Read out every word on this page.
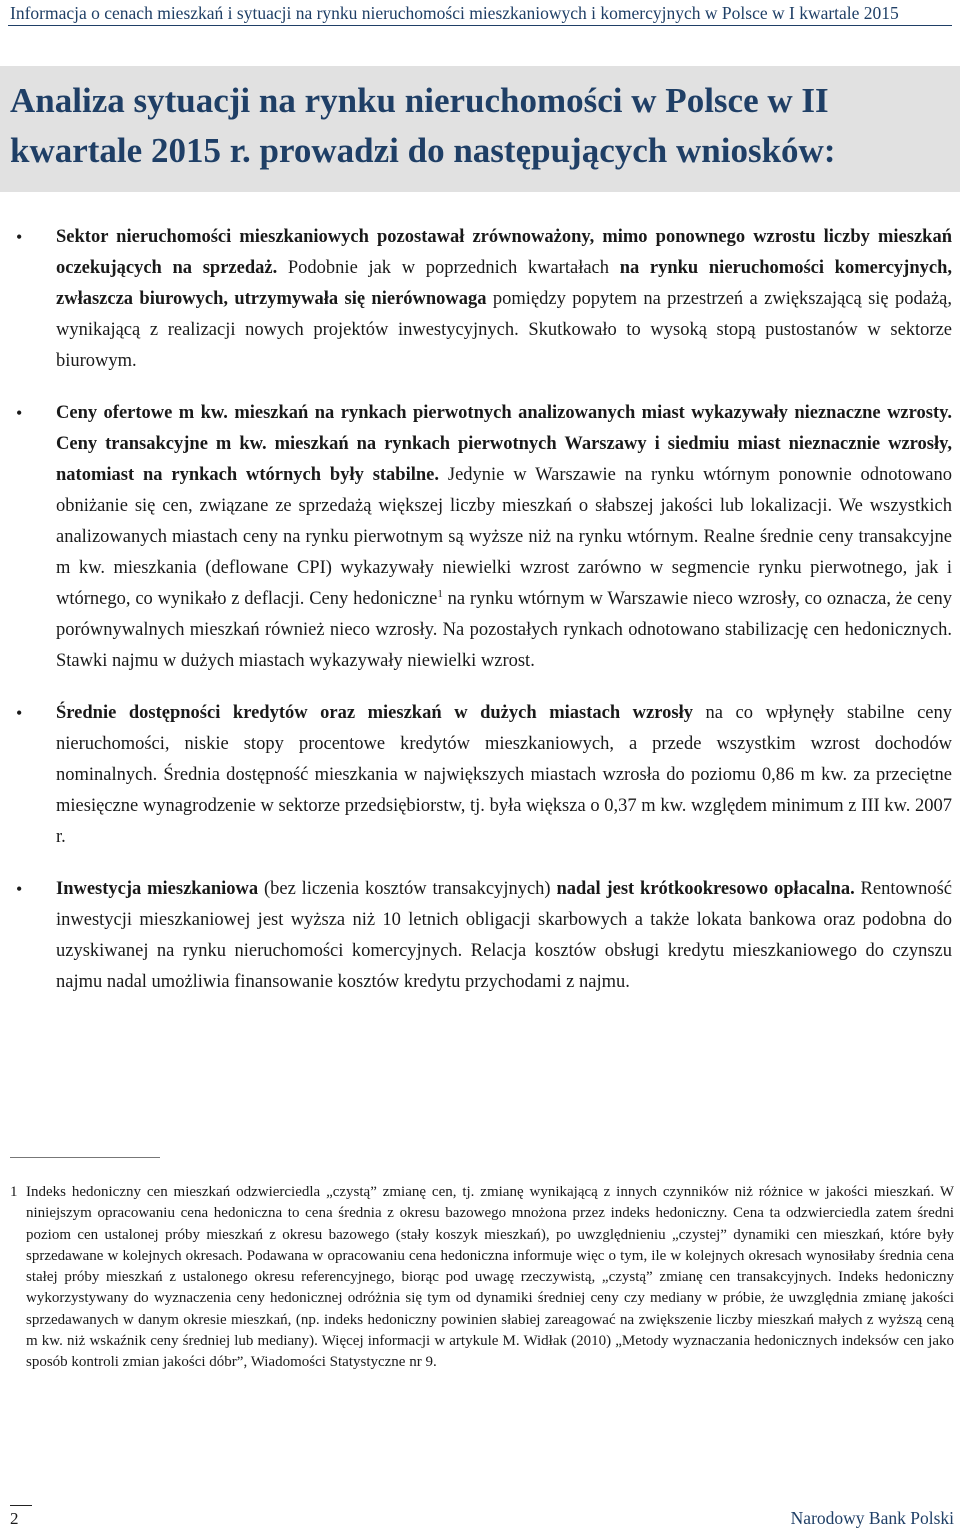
Informacja o cenach mieszkań i sytuacji na rynku nieruchomości mieszkaniowych i komercyjnych w Polsce w I kwartale 2015
Analiza sytuacji na rynku nieruchomości w Polsce w II kwartale 2015 r. prowadzi do następujących wniosków:
• Sektor nieruchomości mieszkaniowych pozostawał zrównoważony, mimo ponownego wzrostu liczby mieszkań oczekujących na sprzedaż. Podobnie jak w poprzednich kwartałach na rynku nieruchomości komercyjnych, zwłaszcza biurowych, utrzymywała się nierównowaga pomiędzy popytem na przestrzeń a zwiększającą się podażą, wynikającą z realizacji nowych projektów inwestycyjnych. Skutkowało to wysoką stopą pustostanów w sektorze biurowym.
• Ceny ofertowe m kw. mieszkań na rynkach pierwotnych analizowanych miast wykazywały nieznaczne wzrosty. Ceny transakcyjne m kw. mieszkań na rynkach pierwotnych Warszawy i siedmiu miast nieznacznie wzrosły, natomiast na rynkach wtórnych były stabilne. Jedynie w Warszawie na rynku wtórnym ponownie odnotowano obniżanie się cen, związane ze sprzedażą większej liczby mieszkań o słabszej jakości lub lokalizacji. We wszystkich analizowanych miastach ceny na rynku pierwotnym są wyższe niż na rynku wtórnym. Realne średnie ceny transakcyjne m kw. mieszkania (deflowane CPI) wykazywały niewielki wzrost zarówno w segmencie rynku pierwotnego, jak i wtórnego, co wynikało z deflacji. Ceny hedoniczne$^1$ na rynku wtórnym w Warszawie nieco wzrosły, co oznacza, że ceny porównywalnych mieszkań również nieco wzrosły. Na pozostałych rynkach odnotowano stabilizację cen hedonicznych. Stawki najmu w dużych miastach wykazywały niewielki wzrost.
• Średnie dostępności kredytów oraz mieszkań w dużych miastach wzrosły na co wpłynęły stabilne ceny nieruchomości, niskie stopy procentowe kredytów mieszkaniowych, a przede wszystkim wzrost dochodów nominalnych. Średnia dostępność mieszkania w największych miastach wzrosła do poziomu 0,86 m kw. za przeciętne miesięczne wynagrodzenie w sektorze przedsiębiorstw, tj. była większa o 0,37 m kw. względem minimum z III kw. 2007 r.
• Inwestycja mieszkaniowa (bez liczenia kosztów transakcyjnych) nadal jest krótkookresowo opłacalna. Rentowność inwestycji mieszkaniowej jest wyższa niż 10 letnich obligacji skarbowych a także lokata bankowa oraz podobna do uzyskiwanej na rynku nieruchomości komercyjnych. Relacja kosztów obsługi kredytu mieszkaniowego do czynszu najmu nadal umożliwia finansowanie kosztów kredytu przychodami z najmu.
1 Indeks hedoniczny cen mieszkań odzwierciedla „czystą” zmianę cen, tj. zmianę wynikającą z innych czynników niż różnice w jakości mieszkań. W niniejszym opracowaniu cena hedoniczna to cena średnia z okresu bazowego mnożona przez indeks hedoniczny. Cena ta odzwierciedla zatem średni poziom cen ustalonej próby mieszkań z okresu bazowego (stały koszyk mieszkań), po uwzględnieniu „czystej” dynamiki cen mieszkań, które były sprzedawane w kolejnych okresach. Podawana w opracowaniu cena hedoniczna informuje więc o tym, ile w kolejnych okresach wynosiłaby średnia cena stałej próby mieszkań z ustalonego okresu referencyjnego, biorąc pod uwagę rzeczywistą, „czystą” zmianę cen transakcyjnych. Indeks hedoniczny wykorzystywany do wyznaczenia ceny hedonicznej odróżnia się tym od dynamiki średniej ceny czy mediany w próbie, że uwzględnia zmianę jakości sprzedawanych w danym okresie mieszkań, (np. indeks hedoniczny powinien słabiej zareagować na zwiększenie liczby mieszkań małych z wyższą ceną m kw. niż wskaźnik ceny średniej lub mediany). Więcej informacji w artykule M. Widłak (2010) „Metody wyznaczania hedonicznych indeksów cen jako sposób kontroli zmian jakości dóbr”, Wiadomości Statystyczne nr 9.
2	Narodowy Bank Polski
